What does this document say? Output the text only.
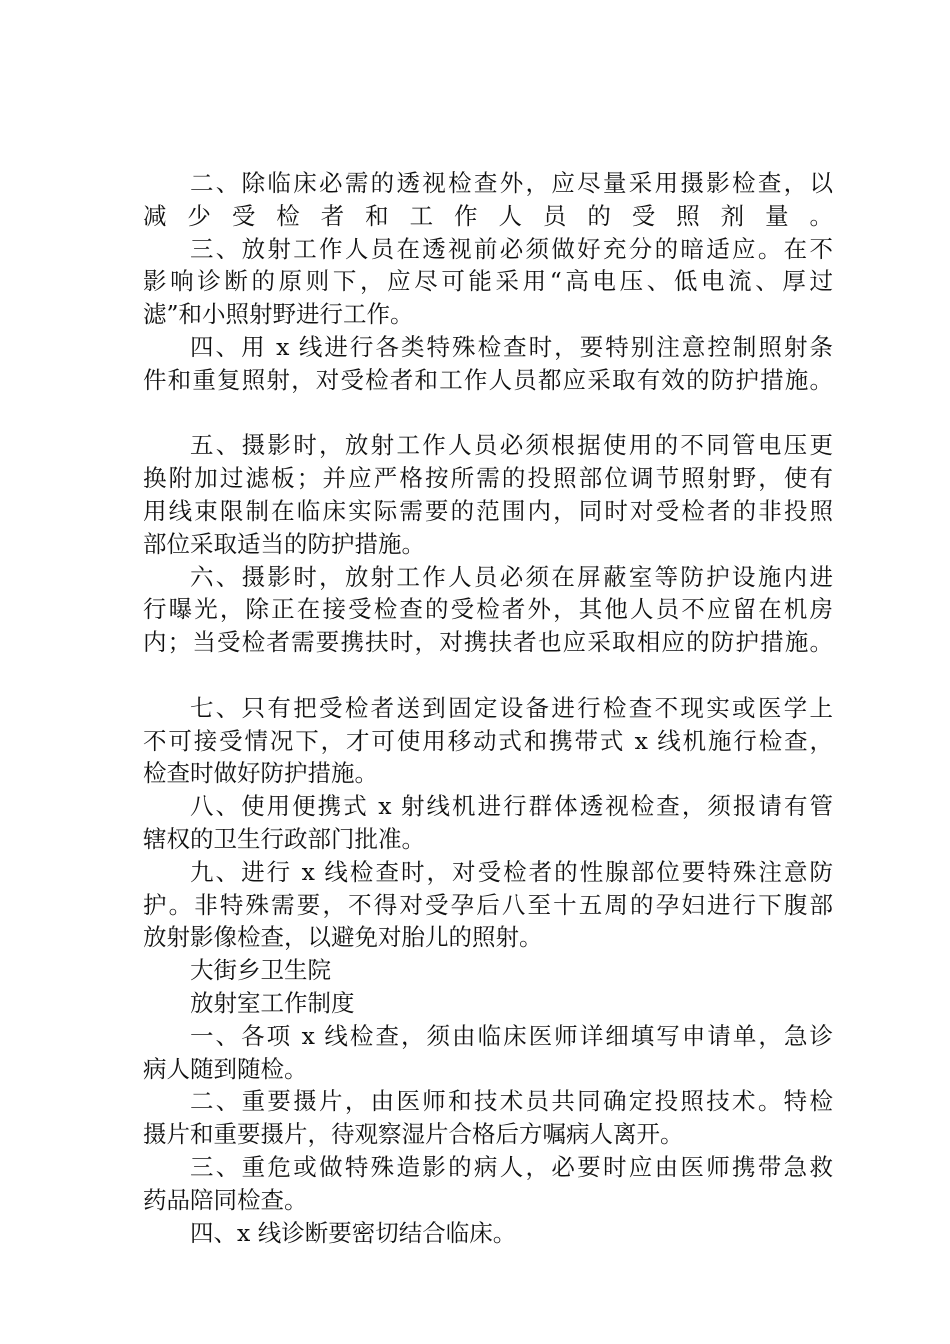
二、除临床必需的透视检查外，应尽量采用摄影检查，以
减少受检者和工作人员的受照剂量。
三、放射工作人员在透视前必须做好充分的暗适应。在不
影响诊断的原则下，应尽可能采用“高电压、低电流、厚过
滤”和小照射野进行工作。
四、用 x 线进行各类特殊检查时，要特别注意控制照射条
件和重复照射，对受检者和工作人员都应采取有效的防护措施。
五、摄影时，放射工作人员必须根据使用的不同管电压更
换附加过滤板；并应严格按所需的投照部位调节照射野，使有
用线束限制在临床实际需要的范围内，同时对受检者的非投照
部位采取适当的防护措施。
六、摄影时，放射工作人员必须在屏蔽室等防护设施内进
行曝光，除正在接受检查的受检者外，其他人员不应留在机房
内；当受检者需要携扶时，对携扶者也应采取相应的防护措施。
七、只有把受检者送到固定设备进行检查不现实或医学上
不可接受情况下，才可使用移动式和携带式 x 线机施行检查，
检查时做好防护措施。
八、使用便携式 x 射线机进行群体透视检查，须报请有管
辖权的卫生行政部门批准。
九、进行 x 线检查时，对受检者的性腺部位要特殊注意防
护。非特殊需要，不得对受孕后八至十五周的孕妇进行下腹部
放射影像检查，以避免对胎儿的照射。
大街乡卫生院
放射室工作制度
一、各项 x 线检查，须由临床医师详细填写申请单，急诊
病人随到随检。
二、重要摄片，由医师和技术员共同确定投照技术。特检
摄片和重要摄片，待观察湿片合格后方嘱病人离开。
三、重危或做特殊造影的病人，必要时应由医师携带急救
药品陪同检查。
四、x 线诊断要密切结合临床。
